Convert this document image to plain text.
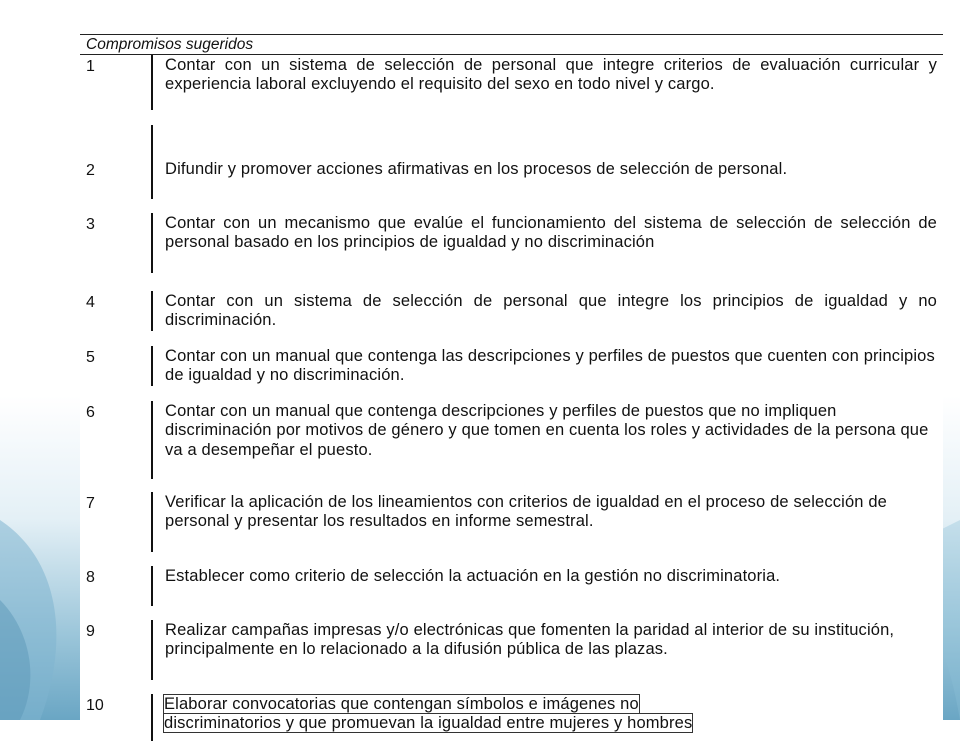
Compromisos sugeridos
1	Contar con un sistema de selección de personal que integre criterios de evaluación curricular y experiencia laboral excluyendo el requisito del sexo en todo nivel y cargo.
2	Difundir y promover acciones afirmativas en los procesos de selección de personal.
3	Contar con un mecanismo que evalúe el funcionamiento del sistema de selección de selección de personal basado en los principios de igualdad y no discriminación
4	Contar con un sistema de selección de personal que integre los principios de igualdad y no discriminación.
5	Contar con un manual que contenga las descripciones y perfiles de puestos que cuenten con principios de igualdad y no discriminación.
6	Contar con un manual que contenga descripciones y perfiles de puestos que no impliquen discriminación por motivos de género y que tomen en cuenta los roles y actividades de la persona que va a desempeñar el puesto.
7	Verificar la aplicación de los lineamientos con criterios de igualdad en el proceso de selección de personal y presentar los resultados en informe semestral.
8	Establecer como criterio de selección la actuación en la gestión no discriminatoria.
9	Realizar campañas impresas y/o electrónicas que fomenten la paridad al interior de su institución, principalmente en lo relacionado a la difusión pública de las plazas.
10	Elaborar convocatorias que contengan símbolos e imágenes no
discriminatorios y que promuevan la igualdad entre mujeres y hombres
